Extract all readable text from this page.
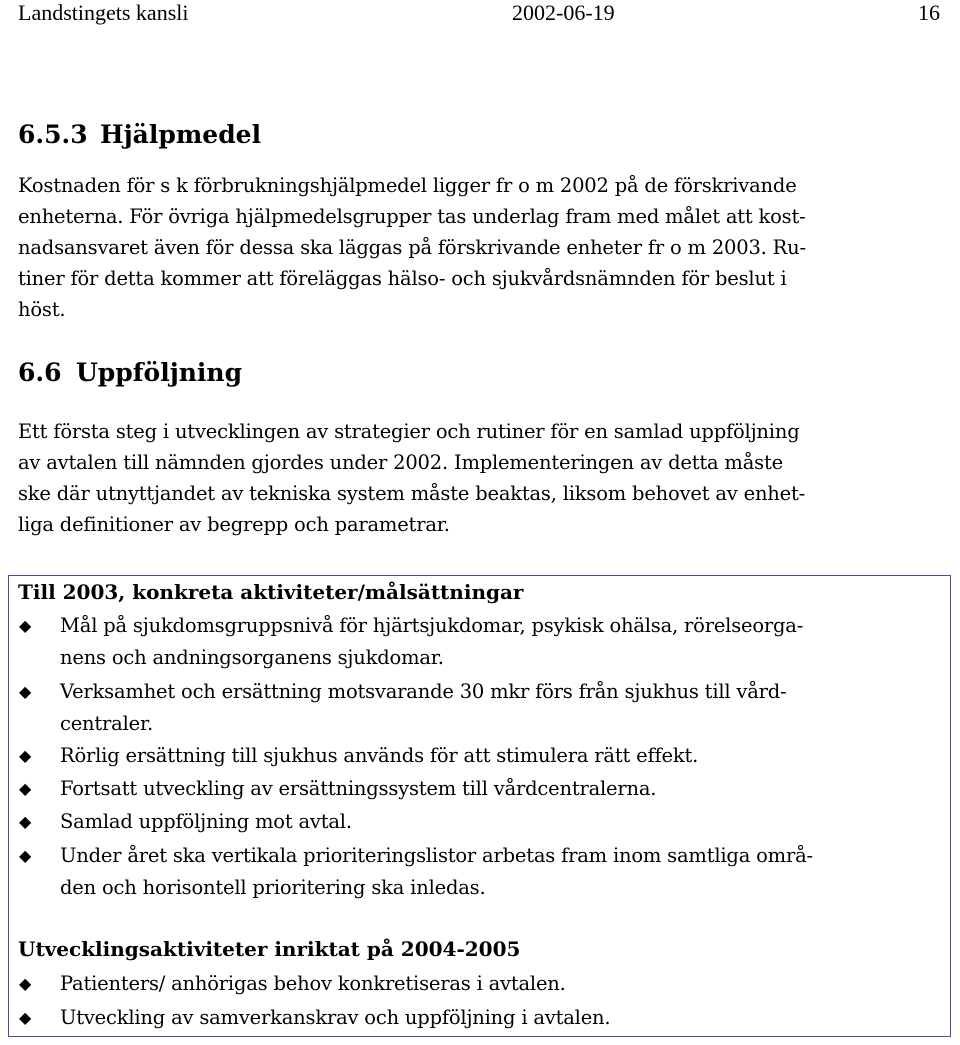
Landstingets kansli	2002-06-19	16
6.5.3 Hjälpmedel
Kostnaden för s k förbrukningshjälpmedel ligger fr o m 2002 på de förskrivande
enheterna. För övriga hjälpmedelsgrupper tas underlag fram med målet att kost-
nadsansvaret även för dessa ska läggas på förskrivande enheter fr o m 2003. Ru-
tiner för detta kommer att föreläggas hälso- och sjukvårdsnämnden för beslut i
höst.
6.6 Uppföljning
Ett första steg i utvecklingen av strategier och rutiner för en samlad uppföljning
av avtalen till nämnden gjordes under 2002. Implementeringen av detta måste
ske där utnyttjandet av tekniska system måste beaktas, liksom behovet av enhet-
liga definitioner av begrepp och parametrar.
Till 2003, konkreta aktiviteter/målsättningar
◆ Mål på sjukdomsgruppsnivå för hjärtsjukdomar, psykisk ohälsa, rörelseorga-
nens och andningsorganens sjukdomar.
◆ Verksamhet och ersättning motsvarande 30 mkr förs från sjukhus till vård-
centraler.
◆ Rörlig ersättning till sjukhus används för att stimulera rätt effekt.
◆ Fortsatt utveckling av ersättningssystem till vårdcentralerna.
◆ Samlad uppföljning mot avtal.
◆ Under året ska vertikala prioriteringslistor arbetas fram inom samtliga områ-
den och horisontell prioritering ska inledas.
Utvecklingsaktiviteter inriktat på 2004-2005
◆ Patienters/ anhörigas behov konkretiseras i avtalen.
◆ Utveckling av samverkanskrav och uppföljning i avtalen.
